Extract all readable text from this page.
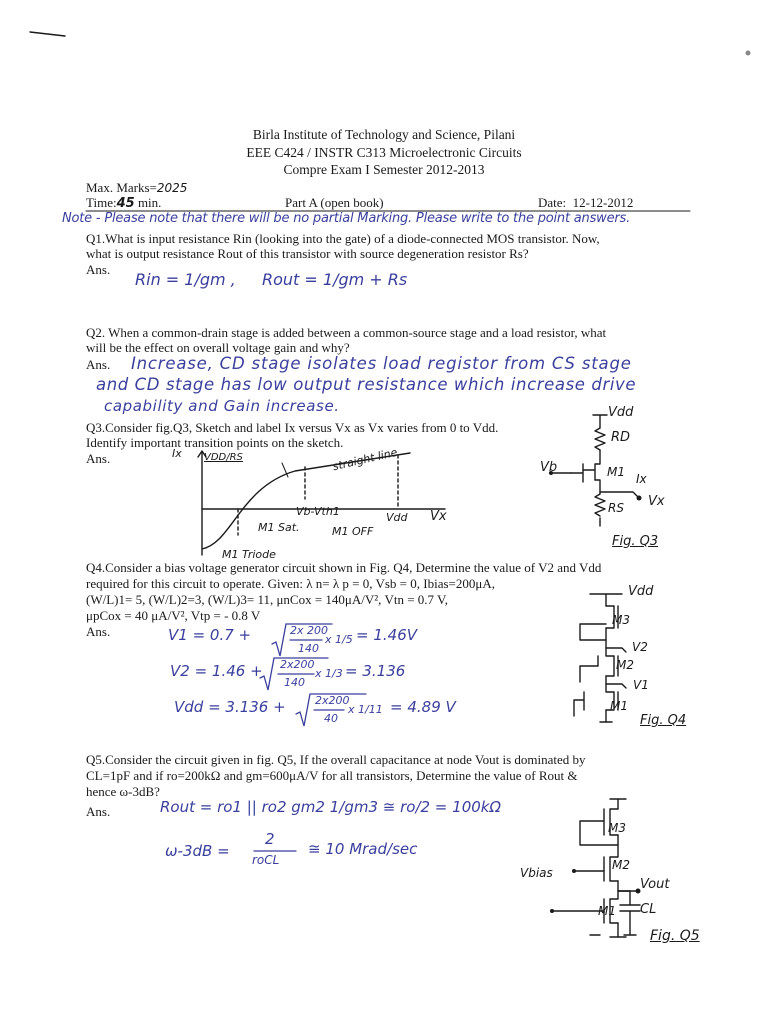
Birla Institute of Technology and Science, Pilani
EEE C424 / INSTR C313 Microelectronic Circuits
Compre Exam I Semester 2012-2013
Max. Marks=2025
Time:45 min.	Part A (open book)	Date: 12-12-2012
Note - Please note that there will be no partial Marking. Please write to the point answers.
Q1.What is input resistance Rin (looking into the gate) of a diode-connected MOS transistor. Now,
what is output resistance Rout of this transistor with source degeneration resistor Rs?
Ans.
Rin = 1/gm , Rout = 1/gm + Rs
Q2. When a common-drain stage is added between a common-source stage and a load resistor, what
will be the effect on overall voltage gain and why?
Ans. Increase, CD stage isolates load registor from CS stage
and CD stage has low output resistance which increase drive
capability and Gain increase.
Q3.Consider fig.Q3, Sketch and label Ix versus Vx as Vx varies from 0 to Vdd.
Identify important transition points on the sketch.
Ans.	Ix VDD/RS	straight line
Vb-Vth1	Vdd Vx
M1 Sat.	M1 OFF
M1 Triode
Vdd
RD
Vb	M1 Ix
RS Vx
Fig. Q3
Q4.Consider a bias voltage generator circuit shown in Fig. Q4, Determine the value of V2 and Vdd
required for this circuit to operate. Given: λ n= λ p = 0, Vsb = 0, Ibias=200μA,
(W/L)1= 5, (W/L)2=3, (W/L)3= 11, μnCox = 140μA/V², Vtn = 0.7 V,
μpCox = 40 μA/V², Vtp = - 0.8 V
Ans.	V1 = 0.7 +	2x 200
140
x 1/5 = 1.46V
V2 = 1.46 + 2x200
140
x 1/3 = 3.136
Vdd = 3.136 +	2x200
40
x 1/11 = 4.89 V
Vdd
M3
V2
M2
V1
M1
Fig. Q4
Q5.Consider the circuit given in fig. Q5, If the overall capacitance at node Vout is dominated by
CL=1pF and if ro=200kΩ and gm=600μA/V for all transistors, Determine the value of Rout &
hence ω-3dB?
Ans.	Rout = ro1 || ro2 gm2 1/gm3 ≅ ro/2 = 100kΩ
ω-3dB =
2
roCL
≅ 10 Mrad/sec
M3
Vbias
M2
Vout
M1 CL
Fig. Q5
